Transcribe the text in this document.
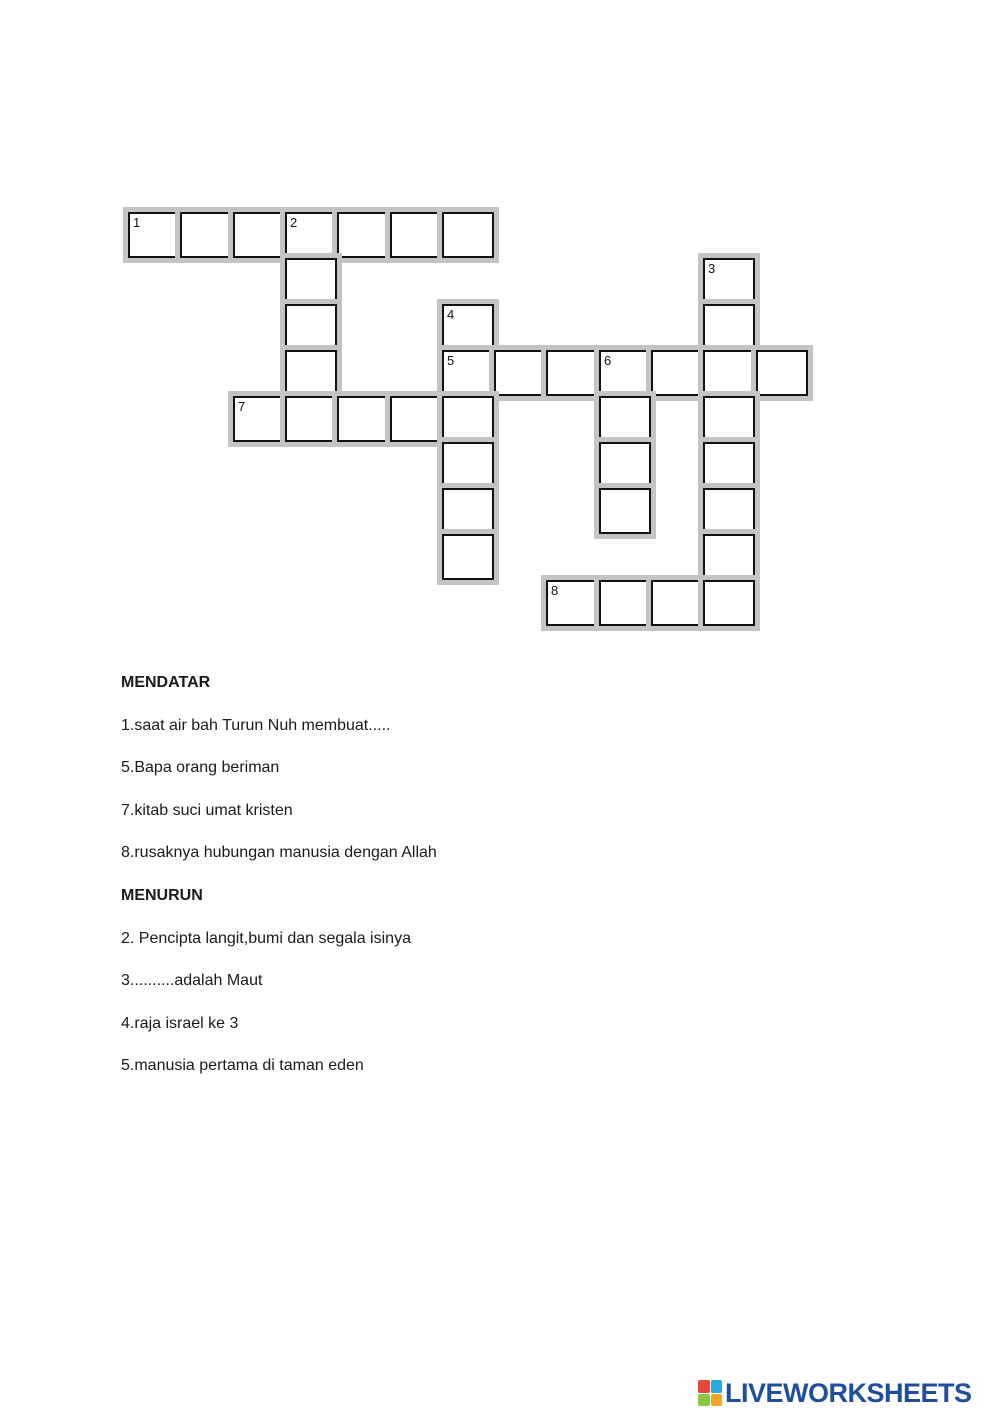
1	2
3
4
5	6
7
8
MENDATAR
1.saat air bah Turun Nuh membuat.....
5.Bapa orang beriman
7.kitab suci umat kristen
8.rusaknya hubungan manusia dengan Allah
MENURUN
2. Pencipta langit,bumi dan segala isinya
3..........adalah Maut
4.raja israel ke 3
5.manusia pertama di taman eden
LIVEWORKSHEETS
